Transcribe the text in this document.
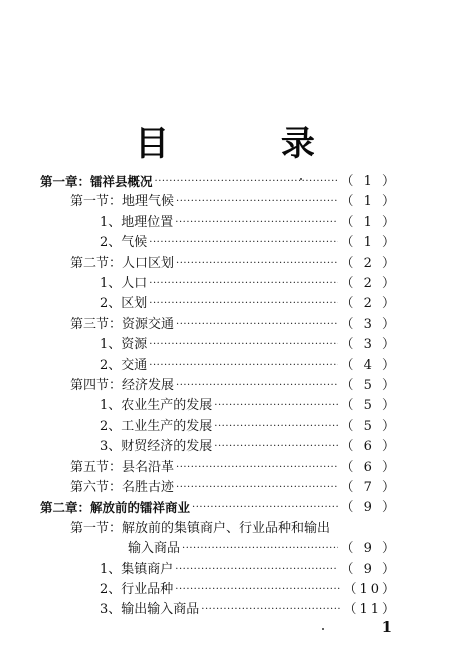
目 录
第一章：镭祥县概况 ·····	（ 1 ）
第一节：地理气候 ·····	（ 1 ）
1、地理位置 ·····	（ 1 ）
2、气候 ·····	（ 1 ）
第二节：人口区划 ·····	（ 2 ）
1、人口 ·····	（ 2 ）
2、区划 ·····	（ 2 ）
第三节：资源交通 ·····	（ 3 ）
1、资源 ·····	（ 3 ）
2、交通 ·····	（ 4 ）
第四节：经济发展 ·····	（ 5 ）
1、农业生产的发展 ·····	（ 5 ）
2、工业生产的发展 ·····	（ 5 ）
3、财贸经济的发展 ·····	（ 6 ）
第五节：县名沿革 ·····	（ 6 ）
第六节：名胜古迹 ·····	（ 7 ）
第二章：解放前的镭祥商业 ·····	（ 9 ）
第一节：解放前的集镇商户、行业品种和输出
输入商品 ·····	（ 9 ）
1、集镇商户 ·····	（ 9 ）
2、行业品种 ·····	（10）
3、输出输入商品 ·····	（11）
1
